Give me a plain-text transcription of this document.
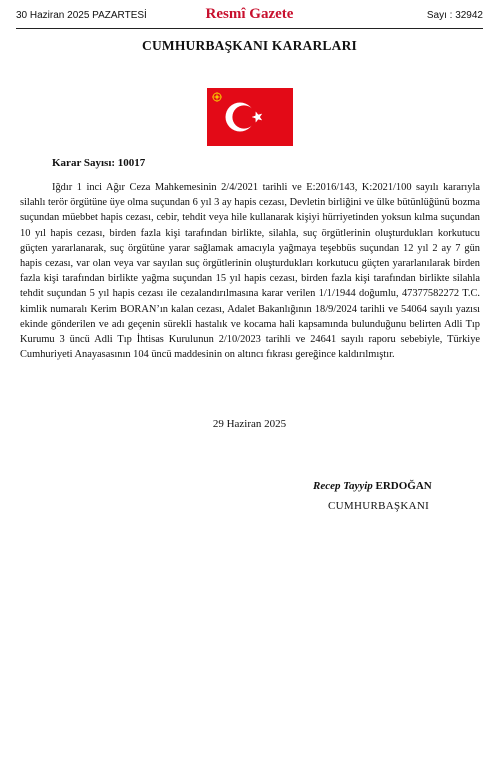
30 Haziran 2025 PAZARTESİ	Resmî Gazete	Sayı : 32942
CUMHURBAŞKANI KARARLARI
Karar Sayısı: 10017

Iğdır 1 inci Ağır Ceza Mahkemesinin 2/4/2021 tarihli ve E:2016/143, K:2021/100 sayılı kararıyla silahlı terör örgütüne üye olma suçundan 6 yıl 3 ay hapis cezası, Devletin birliğini ve ülke bütünlüğünü bozma suçundan müebbet hapis cezası, cebir, tehdit veya hile kullanarak kişiyi hürriyetinden yoksun kılma suçundan 10 yıl hapis cezası, birden fazla kişi tarafından birlikte, silahla, suç örgütlerinin oluşturdukları korkutucu güçten yararlanarak, suç örgütüne yarar sağlamak amacıyla yağmaya teşebbüs suçundan 12 yıl 2 ay 7 gün hapis cezası, var olan veya var sayılan suç örgütlerinin oluşturdukları korkutucu güçten yararlanılarak birden fazla kişi tarafından birlikte yağma suçundan 15 yıl hapis cezası, birden fazla kişi tarafından birlikte silahla tehdit suçundan 5 yıl hapis cezası ile cezalandırılmasına karar verilen 1/1/1944 doğumlu, 47377582272 T.C. kimlik numaralı Kerim BORAN’ın kalan cezası, Adalet Bakanlığının 18/9/2024 tarihli ve 54064 sayılı yazısı ekinde gönderilen ve adı geçenin sürekli hastalık ve kocama hali kapsamında bulunduğunu belirten Adli Tıp Kurumu 3 üncü Adli Tıp İhtisas Kurulunun 2/10/2023 tarihli ve 24641 sayılı raporu sebebiyle, Türkiye Cumhuriyeti Anayasasının 104 üncü maddesinin on altıncı fıkrası gereğince kaldırılmıştır.

29 Haziran 2025
Recep Tayyip ERDOĞAN
CUMHURBAŞKANI
